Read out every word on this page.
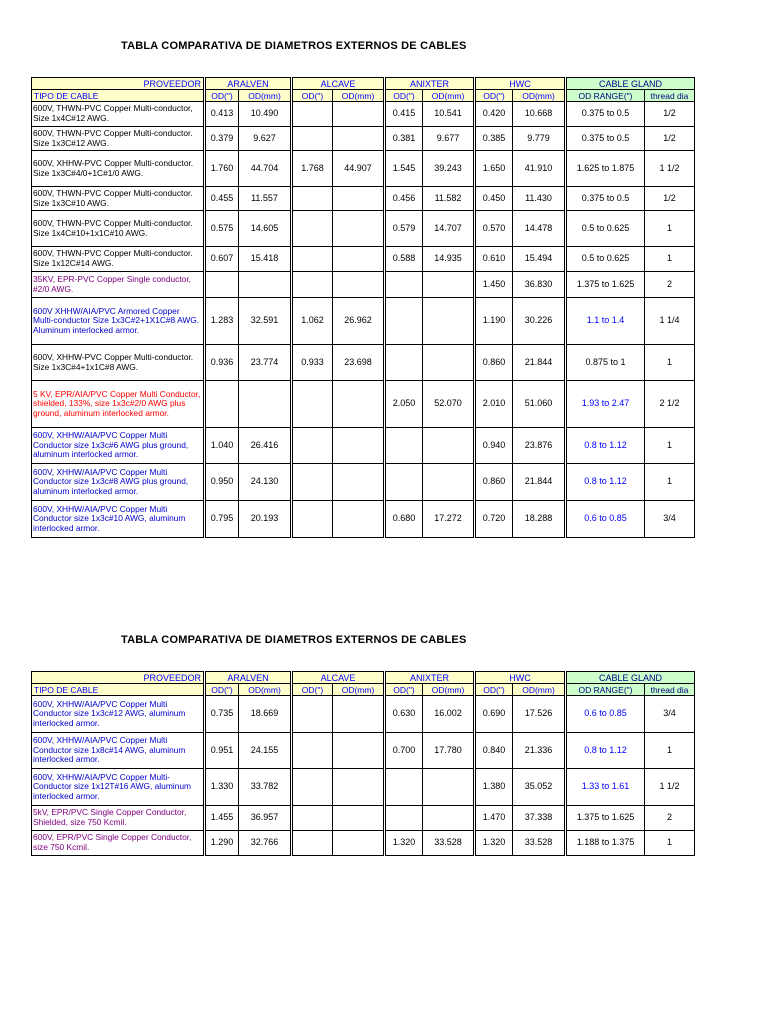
TABLA COMPARATIVA DE DIAMETROS EXTERNOS DE CABLES
PROVEEDOR	ARALVEN		ALCAVE		ANIXTER		HWC		CABLE GLAND	
TIPO DE CABLE	OD(")	OD(mm)	OD(")	OD(mm)	OD(")	OD(mm)	OD(")	OD(mm)	OD RANGE(")	thread dia
600V, THWN-PVC Copper Multi-conductor, Size 1x4C#12 AWG.	0.413	10.490			0.415	10.541	0.420	10.668	0.375 to 0.5	1/2
600V, THWN-PVC Copper Multi-conductor. Size 1x3C#12 AWG.	0.379	9.627			0.381	9.677	0.385	9.779	0.375 to 0.5	1/2
600V, XHHW-PVC Copper Multi-conductor. Size 1x3C#4/0+1C#1/0 AWG.	1.760	44.704	1.768	44.907	1.545	39.243	1.650	41.910	1.625 to 1.875	1 1/2
600V, THWN-PVC Copper Multi-conductor. Size 1x3C#10 AWG.	0.455	11.557			0.456	11.582	0.450	11.430	0.375 to 0.5	1/2
600V, THWN-PVC Copper Multi-conductor. Size 1x4C#10+1x1C#10 AWG.	0.575	14.605			0.579	14.707	0.570	14.478	0.5 to 0.625	1
600V, THWN-PVC Copper Multi-conductor. Size 1x12C#14 AWG.	0.607	15.418			0.588	14.935	0.610	15.494	0.5 to 0.625	1
35KV, EPR-PVC Copper Single conductor, #2/0 AWG.							1.450	36.830	1.375 to 1.625	2
600V XHHW/AIA/PVC Armored Copper Multi-conductor Size 1x3C#2+1X1C#8 AWG. Aluminum interlocked armor.	1.283	32.591	1.062	26.962			1.190	30.226	1.1 to 1.4	1 1/4
600V, XHHW-PVC Copper Multi-conductor. Size 1x3C#4+1x1C#8 AWG.	0.936	23.774	0.933	23.698			0.860	21.844	0.875 to 1	1
5 KV, EPR/AIA/PVC Copper Multi Conductor, shielded, 133%, size 1x3c#2/0 AWG plus ground, aluminum interlocked armor.					2.050	52.070	2.010	51.060	1.93 to 2.47	2 1/2
600V, XHHW/AIA/PVC Copper Multi Conductor size 1x3c#6 AWG plus ground, aluminum interlocked armor.	1.040	26.416					0.940	23.876	0.8 to 1.12	1
600V, XHHW/AIA/PVC Copper Multi Conductor size 1x3c#8 AWG plus ground, aluminum interlocked armor.	0.950	24.130					0.860	21.844	0.8 to 1.12	1
600V, XHHW/AIA/PVC Copper Multi Conductor size 1x3c#10 AWG, aluminum interlocked armor.	0.795	20.193			0.680	17.272	0.720	18.288	0.6 to 0.85	3/4
TABLA COMPARATIVA DE DIAMETROS EXTERNOS DE CABLES
PROVEEDOR	ARALVEN		ALCAVE		ANIXTER		HWC		CABLE GLAND	
TIPO DE CABLE	OD(")	OD(mm)	OD(")	OD(mm)	OD(")	OD(mm)	OD(")	OD(mm)	OD RANGE(")	thread dia
600V, XHHW/AIA/PVC Copper Multi Conductor size 1x3c#12 AWG, aluminum interlocked armor.	0.735	18.669			0.630	16.002	0.690	17.526	0.6 to 0.85	3/4
600V, XHHW/AIA/PVC Copper Multi Conductor size 1x8c#14 AWG, aluminum interlocked armor.	0.951	24.155			0.700	17.780	0.840	21.336	0.8 to 1.12	1
600V, XHHW/AIA/PVC Copper Multi-Conductor size 1x12T#16 AWG, aluminum interlocked armor.	1.330	33.782					1.380	35.052	1.33 to 1.61	1 1/2
5kV, EPR/PVC Single Copper Conductor, Shielded, size 750 Kcmil.	1.455	36.957					1.470	37.338	1.375 to 1.625	2
600V, EPR/PVC Single Copper Conductor, size 750 Kcmil.	1.290	32.766			1.320	33.528	1.320	33.528	1.188 to 1.375	1
